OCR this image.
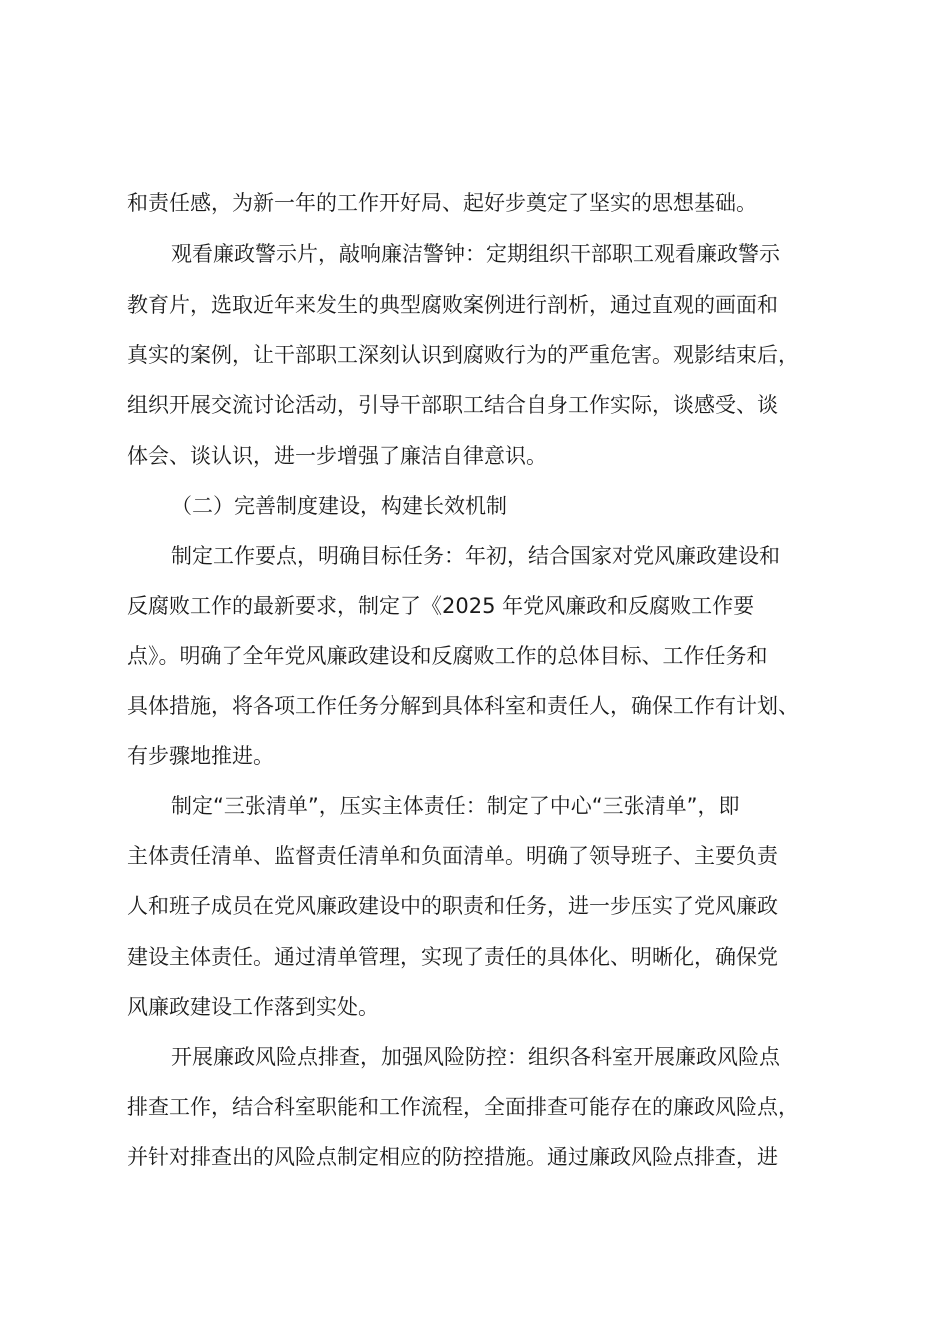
和责任感，为新一年的工作开好局、起好步奠定了坚实的思想基础。
观看廉政警示片，敲响廉洁警钟：定期组织干部职工观看廉政警示
教育片，选取近年来发生的典型腐败案例进行剖析，通过直观的画面和
真实的案例，让干部职工深刻认识到腐败行为的严重危害。观影结束后，
组织开展交流讨论活动，引导干部职工结合自身工作实际，谈感受、谈
体会、谈认识，进一步增强了廉洁自律意识。
（二）完善制度建设，构建长效机制
制定工作要点，明确目标任务：年初，结合国家对党风廉政建设和
反腐败工作的最新要求，制定了《2025 年党风廉政和反腐败工作要
点》。明确了全年党风廉政建设和反腐败工作的总体目标、工作任务和
具体措施，将各项工作任务分解到具体科室和责任人，确保工作有计划、
有步骤地推进。
制定“三张清单”，压实主体责任：制定了中心“三张清单”，即
主体责任清单、监督责任清单和负面清单。明确了领导班子、主要负责
人和班子成员在党风廉政建设中的职责和任务，进一步压实了党风廉政
建设主体责任。通过清单管理，实现了责任的具体化、明晰化，确保党
风廉政建设工作落到实处。
开展廉政风险点排查，加强风险防控：组织各科室开展廉政风险点
排查工作，结合科室职能和工作流程，全面排查可能存在的廉政风险点，
并针对排查出的风险点制定相应的防控措施。通过廉政风险点排查，进
